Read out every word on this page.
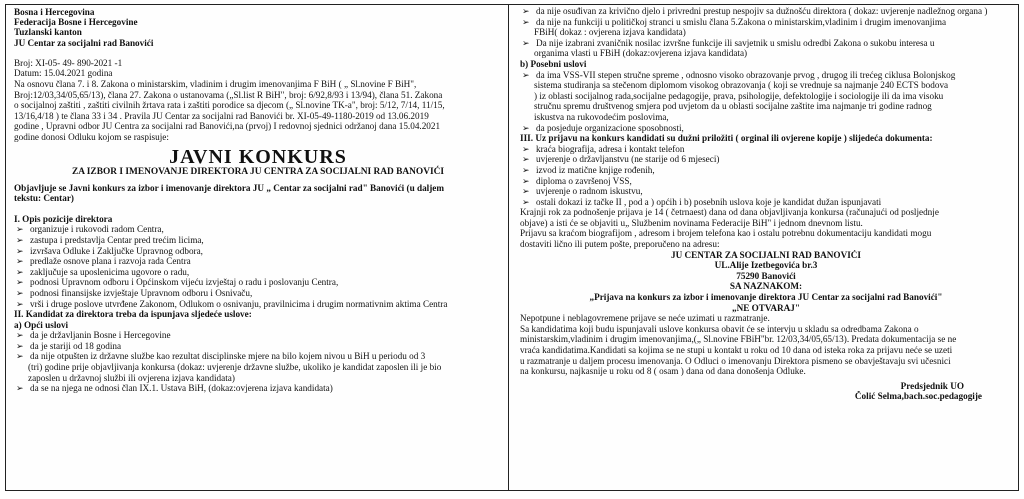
Bosna i Hercegovina
Federacija Bosne i Hercegovine
Tuzlanski kanton
JU Centar za socijalni rad Banovići
Broj: XI-05- 49- 890-2021 -1
Datum: 15.04.2021 godina
Na osnovu člana 7. i 8. Zakona o ministarskim, vladinim i drugim imenovanjima F BiH ( „ Sl.novine F BiH",
Broj:12/03,34/05,65/13), člana 27. Zakona o ustanovama („Sl.list R BiH", broj: 6/92,8/93 i 13/94), člana 51. Zakona
o socijalnoj zaštiti , zaštiti civilnih žrtava rata i zaštiti porodice sa djecom („ Sl.novine TK-a", broj: 5/12, 7/14, 11/15,
13/16,4/18 ) te člana 33 i 34 . Pravila JU Centar za socijalni rad Banovići br. XI-05-49-1180-2019 od 13.06.2019
godine , Upravni odbor JU Centra za socijalni rad Banovići,na (prvoj) I redovnoj sjednici održanoj dana 15.04.2021
godine donosi Odluku kojom se raspisuje:
JAVNI KONKURS
ZA IZBOR I IMENOVANJE DIREKTORA JU CENTRA ZA SOCIJALNI RAD BANOVIĆI
Objavljuje se Javni konkurs za izbor i imenovanje direktora JU „ Centar za socijalni rad" Banovići (u daljem
tekstu: Centar)
I. Opis pozicije direktora
➢ organizuje i rukovodi radom Centra,
➢ zastupa i predstavlja Centar pred trećim licima,
➢ izvršava Odluke i Zaključke Upravnog odbora,
➢ predlaže osnove plana i razvoja rada Centra
➢ zaključuje sa uposlenicima ugovore o radu,
➢ podnosi Upravnom odboru i Općinskom vijeću izvještaj o radu i poslovanju Centra,
➢ podnosi finansijske izvještaje Upravnom odboru i Osnivaču,
➢ vrši i druge poslove utvrđene Zakonom, Odlukom o osnivanju, pravilnicima i drugim normativnim aktima Centra
II. Kandidat za direktora treba da ispunjava sljedeće uslove:
a) Opći uslovi
➢ da je državljanin Bosne i Hercegovine
➢ da je stariji od 18 godina
➢ da nije otpušten iz državne službe kao rezultat disciplinske mjere na bilo kojem nivou u BiH u periodu od 3
(tri) godine prije objavljivanja konkursa (dokaz: uvjerenje državne službe, ukoliko je kandidat zaposlen ili je bio
zaposlen u državnoj službi ili ovjerena izjava kandidata)
➢ da se na njega ne odnosi član IX.1. Ustava BiH, (dokaz:ovjerena izjava kandidata)
➢ da nije osuđivan za krivično djelo i privredni prestup nespojiv sa dužnošću direktora ( dokaz: uvjerenje nadležnog organa )
➢ da nije na funkciji u političkoj stranci u smislu člana 5.Zakona o ministarskim,vladinim i drugim imenovanjima
FBiH( dokaz : ovjerena izjava kandidata)
➢ Da nije izabrani zvaničnik nosilac izvršne funkcije ili savjetnik u smislu odredbi Zakona o sukobu interesa u
organima vlasti u FBiH (dokaz:ovjerena izjava kandidata)
b) Posebni uslovi
➢ da ima VSS-VII stepen stručne spreme , odnosno visoko obrazovanje prvog , drugog ili trećeg ciklusa Bolonjskog
sistema studiranja sa stečenom diplomom visokog obrazovanja ( koji se vrednuje sa najmanje 240 ECTS bodova
) iz oblasti socijalnog rada,socijalne pedagogije, prava, psihologije, defektologije i sociologije ili da ima visoku
stručnu spremu društvenog smjera pod uvjetom da u oblasti socijalne zaštite ima najmanje tri godine radnog
iskustva na rukovodećim poslovima,
➢ da posjeduje organizacione sposobnosti,
III. Uz prijavu na konkurs kandidati su dužni priložiti ( orginal ili ovjerene kopije ) slijedeća dokumenta:
➢ kraća biografija, adresa i kontakt telefon
➢ uvjerenje o državljanstvu (ne starije od 6 mjeseci)
➢ izvod iz matične knjige rođenih,
➢ diploma o završenoj VSS,
➢ uvjerenje o radnom iskustvu,
➢ ostali dokazi iz tačke II , pod a ) općih i b) posebnih uslova koje je kandidat dužan ispunjavati
Krajnji rok za podnošenje prijava je 14 ( četrnaest) dana od dana objavljivanja konkursa (računajući od posljednje
objave) a isti će se objaviti u„ Službenim novinama Federacije BiH" i jednom dnevnom listu.
Prijavu sa kraćom biografijom , adresom i brojem telefona kao i ostalu potrebnu dokumentaciju kandidati mogu
dostaviti lično ili putem pošte, preporučeno na adresu:
JU CENTAR ZA SOCIJALNI RAD BANOVIĆI
UL.Alije Izetbegovića br.3
75290 Banovići
SA NAZNAKOM:
„Prijava na konkurs za izbor i imenovanje direktora JU Centar za socijalni rad Banovići"
„NE OTVARAJ"
Nepotpune i neblagovremene prijave se neće uzimati u razmatranje.
Sa kandidatima koji budu ispunjavali uslove konkursa obavit će se intervju u skladu sa odredbama Zakona o
ministarskim,vladinim i drugim imenovanjima,(„ Sl.novine FBiH"br. 12/03,34/05,65/13). Predata dokumentacija se ne
vraća kandidatima.Kandidati sa kojima se ne stupi u kontakt u roku od 10 dana od isteka roka za prijavu neće se uzeti
u razmatranje u daljem procesu imenovanja. O Odluci o imenovanju Direktora pismeno se obavještavaju svi učesnici
na konkursu, najkasnije u roku od 8 ( osam ) dana od dana donošenja Odluke.
Predsjednik UO
Čolić Selma,bach.soc.pedagogije
